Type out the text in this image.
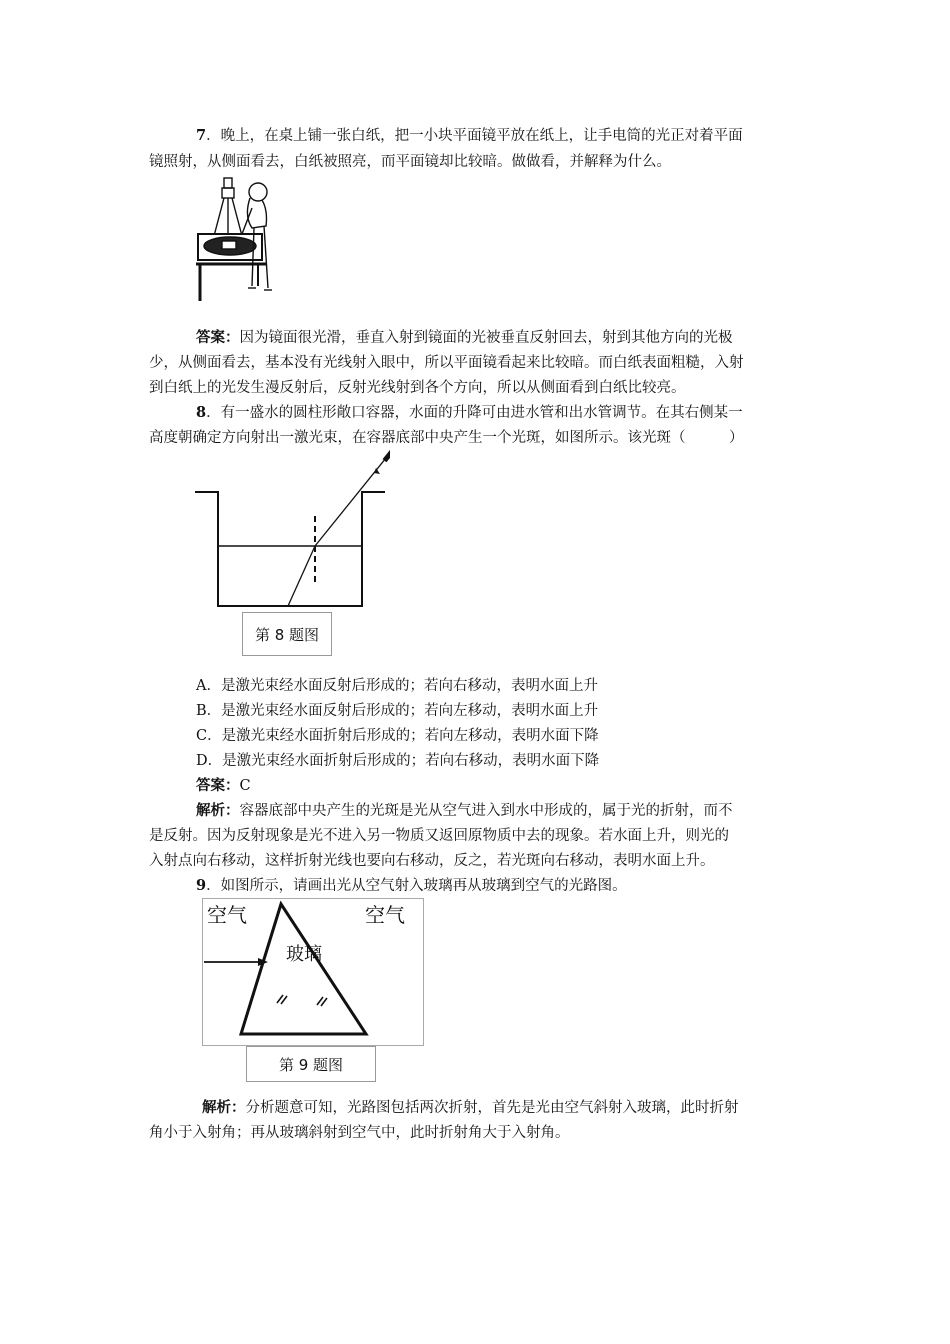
7．晚上，在桌上铺一张白纸，把一小块平面镜平放在纸上，让手电筒的光正对着平面
镜照射，从侧面看去，白纸被照亮，而平面镜却比较暗。做做看，并解释为什么。
答案：因为镜面很光滑，垂直入射到镜面的光被垂直反射回去，射到其他方向的光极
少，从侧面看去，基本没有光线射入眼中，所以平面镜看起来比较暗。而白纸表面粗糙，入射
到白纸上的光发生漫反射后，反射光线射到各个方向，所以从侧面看到白纸比较亮。
8．有一盛水的圆柱形敞口容器，水面的升降可由进水管和出水管调节。在其右侧某一
高度朝确定方向射出一激光束，在容器底部中央产生一个光斑，如图所示。该光斑（　　　）
第 8 题图
A．是激光束经水面反射后形成的；若向右移动，表明水面上升
B．是激光束经水面反射后形成的；若向左移动，表明水面上升
C．是激光束经水面折射后形成的；若向左移动，表明水面下降
D．是激光束经水面折射后形成的；若向右移动，表明水面下降
答案：C
解析：容器底部中央产生的光斑是光从空气进入到水中形成的，属于光的折射，而不
是反射。因为反射现象是光不进入另一物质又返回原物质中去的现象。若水面上升，则光的
入射点向右移动，这样折射光线也要向右移动，反之，若光斑向右移动，表明水面上升。
9．如图所示，请画出光从空气射入玻璃再从玻璃到空气的光路图。
空气	空气
玻璃
第 9 题图
解析：分析题意可知，光路图包括两次折射，首先是光由空气斜射入玻璃，此时折射
角小于入射角；再从玻璃斜射到空气中，此时折射角大于入射角。
